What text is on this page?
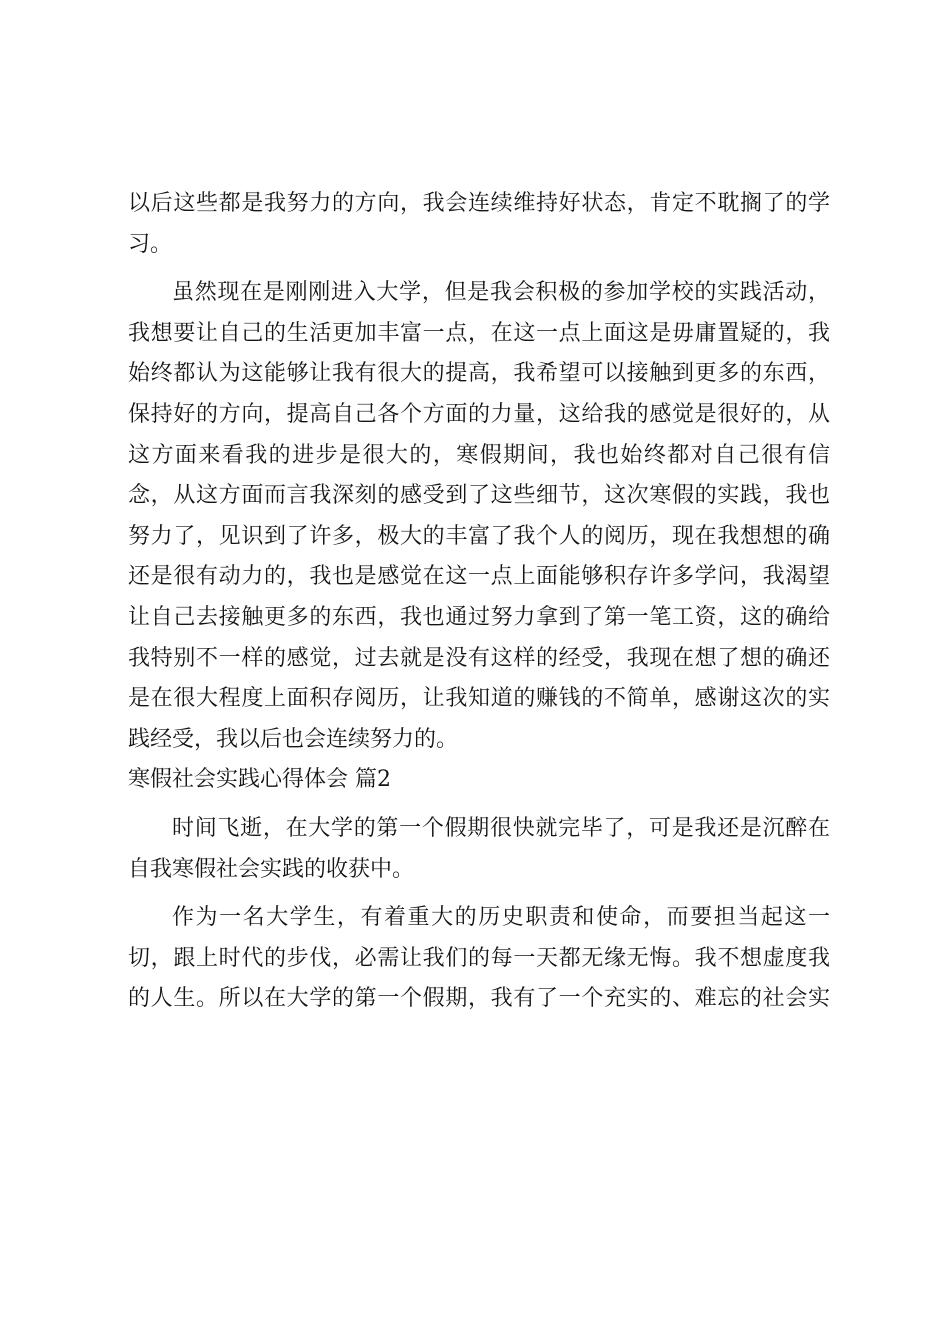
以后这些都是我努力的方向，我会连续维持好状态，肯定不耽搁了的学
习。
虽然现在是刚刚进入大学，但是我会积极的参加学校的实践活动，
我想要让自己的生活更加丰富一点，在这一点上面这是毋庸置疑的，我
始终都认为这能够让我有很大的提高，我希望可以接触到更多的东西，
保持好的方向，提高自己各个方面的力量，这给我的感觉是很好的，从
这方面来看我的进步是很大的，寒假期间，我也始终都对自己很有信
念，从这方面而言我深刻的感受到了这些细节，这次寒假的实践，我也
努力了，见识到了许多，极大的丰富了我个人的阅历，现在我想想的确
还是很有动力的，我也是感觉在这一点上面能够积存许多学问，我渴望
让自己去接触更多的东西，我也通过努力拿到了第一笔工资，这的确给
我特别不一样的感觉，过去就是没有这样的经受，我现在想了想的确还
是在很大程度上面积存阅历，让我知道的赚钱的不简单，感谢这次的实
践经受，我以后也会连续努力的。
寒假社会实践心得体会 篇2
时间飞逝，在大学的第一个假期很快就完毕了，可是我还是沉醉在
自我寒假社会实践的收获中。
作为一名大学生，有着重大的历史职责和使命，而要担当起这一
切，跟上时代的步伐，必需让我们的每一天都无缘无悔。我不想虚度我
的人生。所以在大学的第一个假期，我有了一个充实的、难忘的社会实
